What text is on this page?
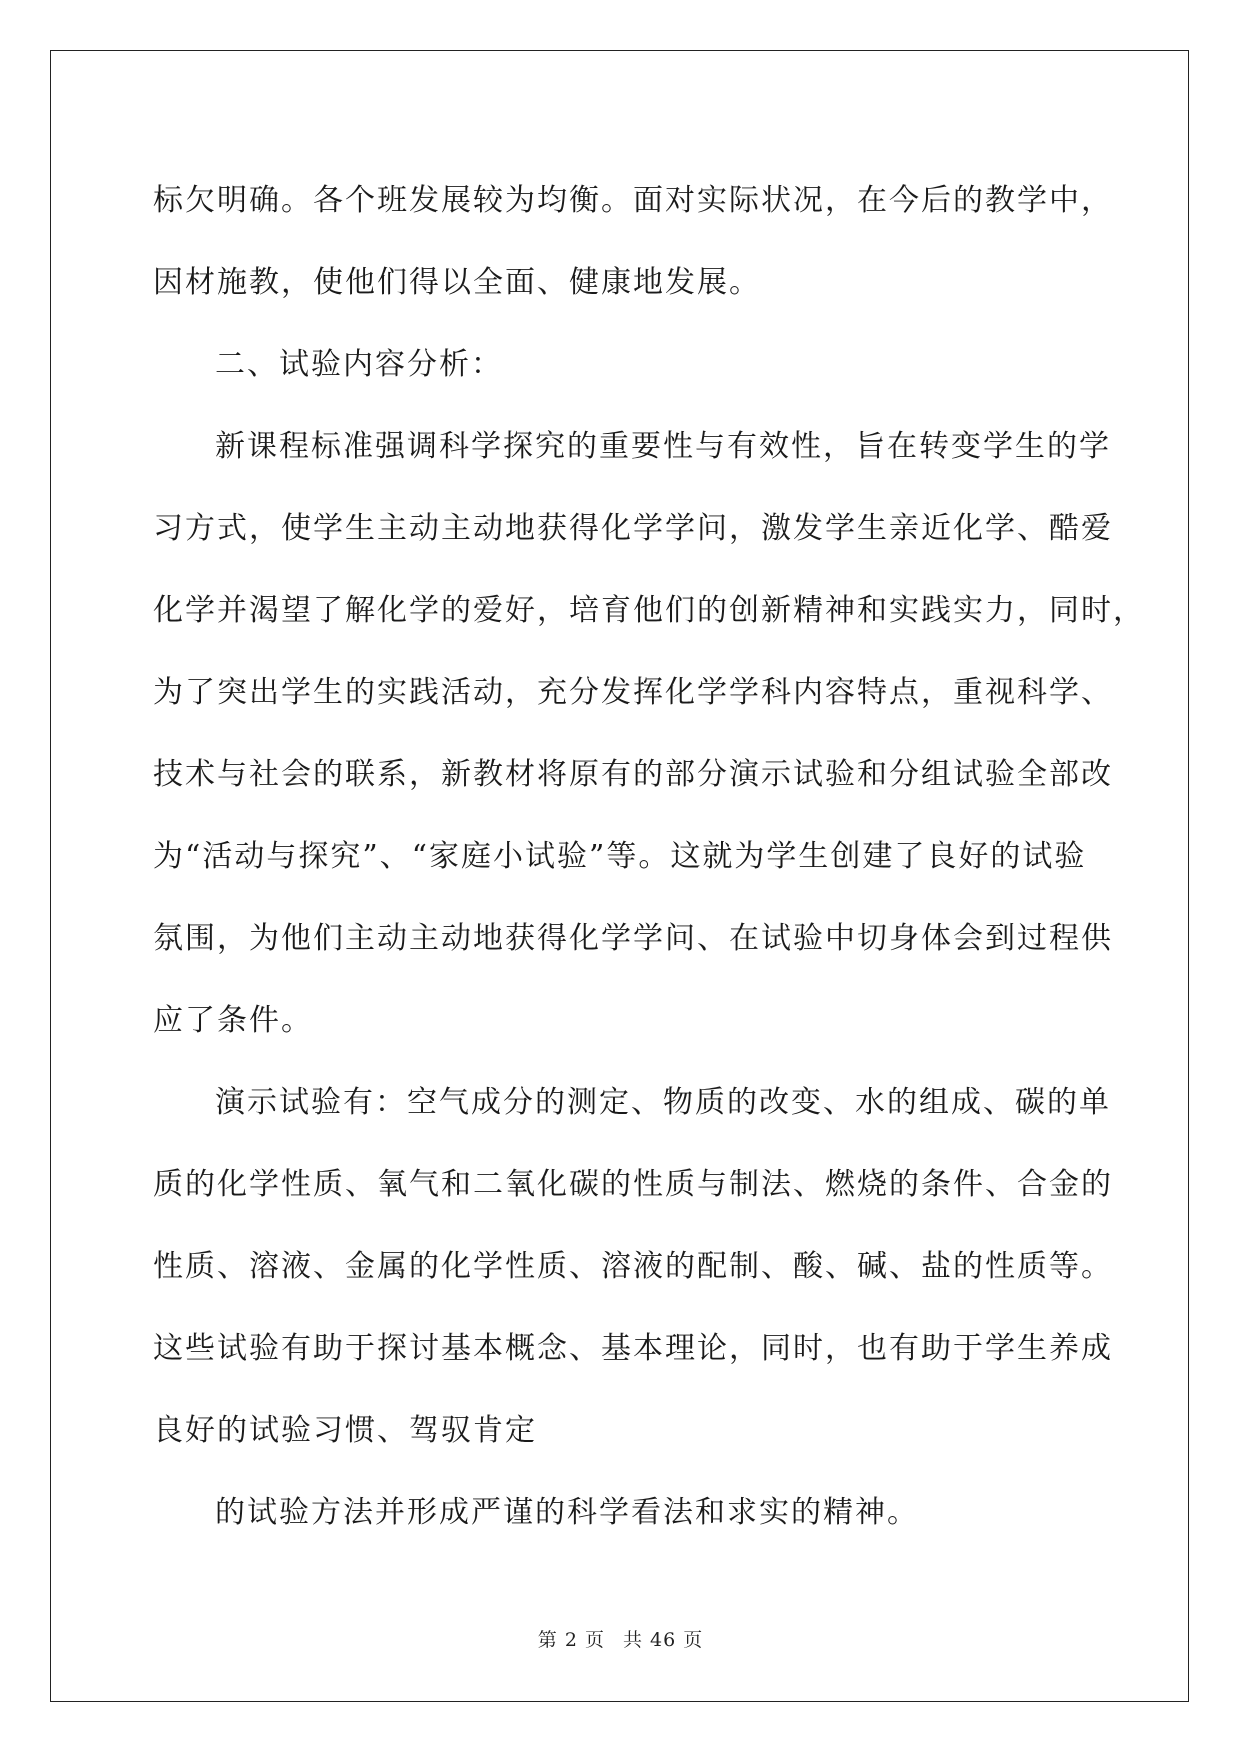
标欠明确。各个班发展较为均衡。面对实际状况，在今后的教学中，
因材施教，使他们得以全面、健康地发展。
二、试验内容分析：
新课程标准强调科学探究的重要性与有效性，旨在转变学生的学
习方式，使学生主动主动地获得化学学问，激发学生亲近化学、酷爱
化学并渴望了解化学的爱好，培育他们的创新精神和实践实力，同时，
为了突出学生的实践活动，充分发挥化学学科内容特点，重视科学、
技术与社会的联系，新教材将原有的部分演示试验和分组试验全部改
为“活动与探究”、“家庭小试验”等。这就为学生创建了良好的试验
氛围，为他们主动主动地获得化学学问、在试验中切身体会到过程供
应了条件。
演示试验有：空气成分的测定、物质的改变、水的组成、碳的单
质的化学性质、氧气和二氧化碳的性质与制法、燃烧的条件、合金的
性质、溶液、金属的化学性质、溶液的配制、酸、碱、盐的性质等。
这些试验有助于探讨基本概念、基本理论，同时，也有助于学生养成
良好的试验习惯、驾驭肯定
的试验方法并形成严谨的科学看法和求实的精神。
第 2 页 共 46 页
